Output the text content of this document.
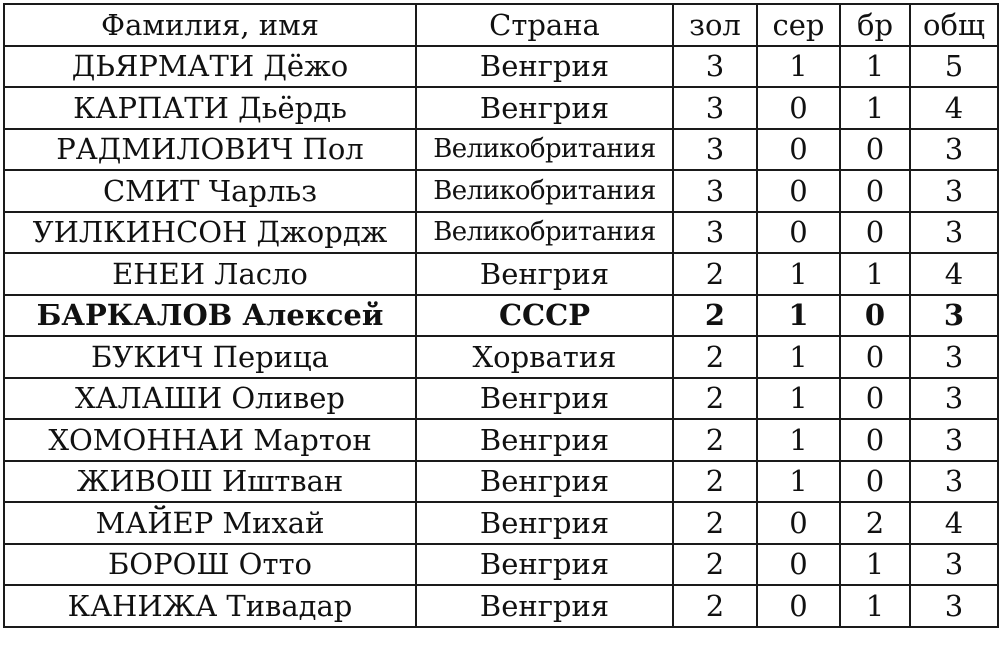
Фамилия, имя	Страна	зол	сер	бр	общ
ДЬЯРМАТИ Дёжо	Венгрия	3	1	1	5
КАРПАТИ Дьёрдь	Венгрия	3	0	1	4
РАДМИЛОВИЧ Пол	Великобритания	3	0	0	3
СМИТ Чарльз	Великобритания	3	0	0	3
УИЛКИНСОН Джордж	Великобритания	3	0	0	3
ЕНЕИ Ласло	Венгрия	2	1	1	4
БАРКАЛОВ Алексей	СССР	2	1	0	3
БУКИЧ Перица	Хорватия	2	1	0	3
ХАЛАШИ Оливер	Венгрия	2	1	0	3
ХОМОННАИ Мартон	Венгрия	2	1	0	3
ЖИВОШ Иштван	Венгрия	2	1	0	3
МАЙЕР Михай	Венгрия	2	0	2	4
БОРОШ Отто	Венгрия	2	0	1	3
КАНИЖА Тивадар	Венгрия	2	0	1	3
